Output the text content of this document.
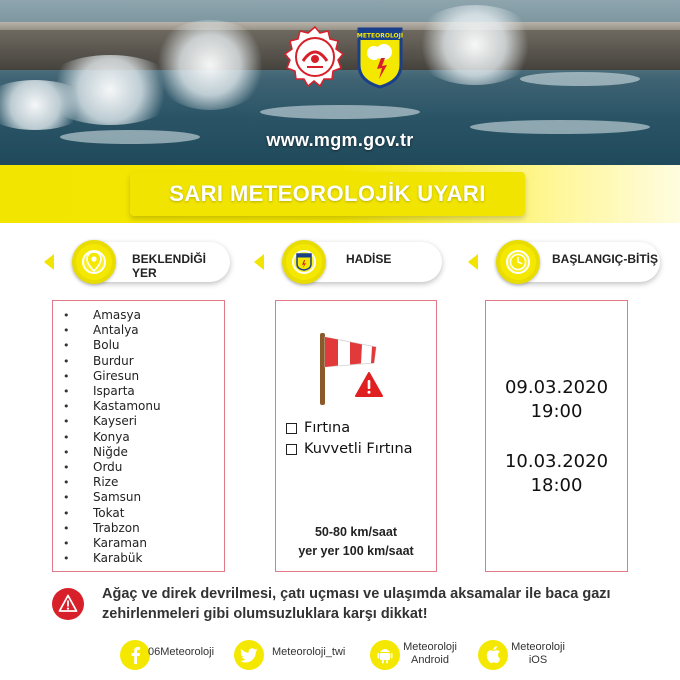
METEOROLOJİ
www.mgm.gov.tr
SARI METEOROLOJİK UYARI
BEKLENDİĞİ YER
HADİSE	BAŞLANGIÇ-BİTİŞ
• Amasya
• Antalya
• Bolu
• Burdur
• Giresun
• Isparta
• Kastamonu
• Kayseri
• Konya
• Niğde
• Ordu
• Rize
• Samsun
• Tokat
• Trabzon
• Karaman
• Karabük
Fırtına
Kuvvetli Fırtına
50-80 km/saat
yer yer 100 km/saat
09.03.2020
19:00
10.03.2020
18:00
Ağaç ve direk devrilmesi, çatı uçması ve ulaşımda aksamalar ile baca gazı
zehirlenmeleri gibi olumsuzluklara karşı dikkat!
06Meteoroloji	Meteoroloji_twi	Meteoroloji
Android
Meteoroloji
iOS
